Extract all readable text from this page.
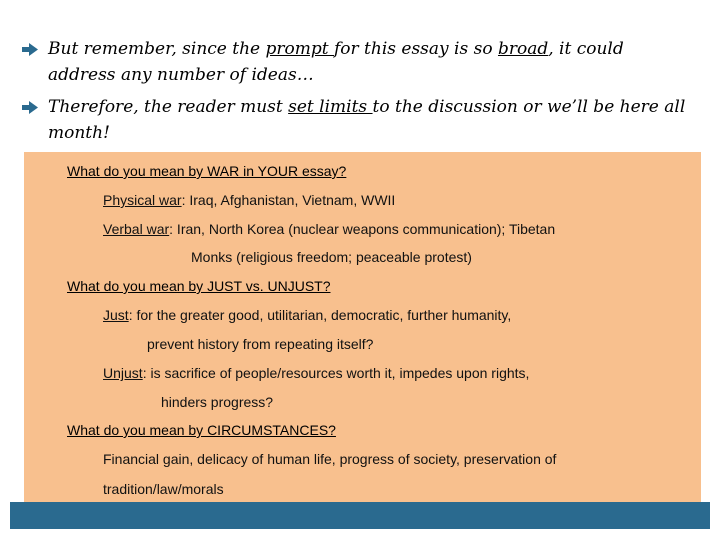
But remember, since the prompt for this essay is so broad, it could address any number of ideas…
Therefore, the reader must set limits to the discussion or we’ll be here all month!
What do you mean by WAR in YOUR essay?
Physical war: Iraq, Afghanistan, Vietnam, WWII
Verbal war: Iran, North Korea (nuclear weapons communication); Tibetan
Monks (religious freedom; peaceable protest)
What do you mean by JUST vs. UNJUST?
Just: for the greater good, utilitarian, democratic, further humanity,
prevent history from repeating itself?
Unjust: is sacrifice of people/resources worth it, impedes upon rights,
hinders progress?
What do you mean by CIRCUMSTANCES?
Financial gain, delicacy of human life, progress of society, preservation of
tradition/law/morals
